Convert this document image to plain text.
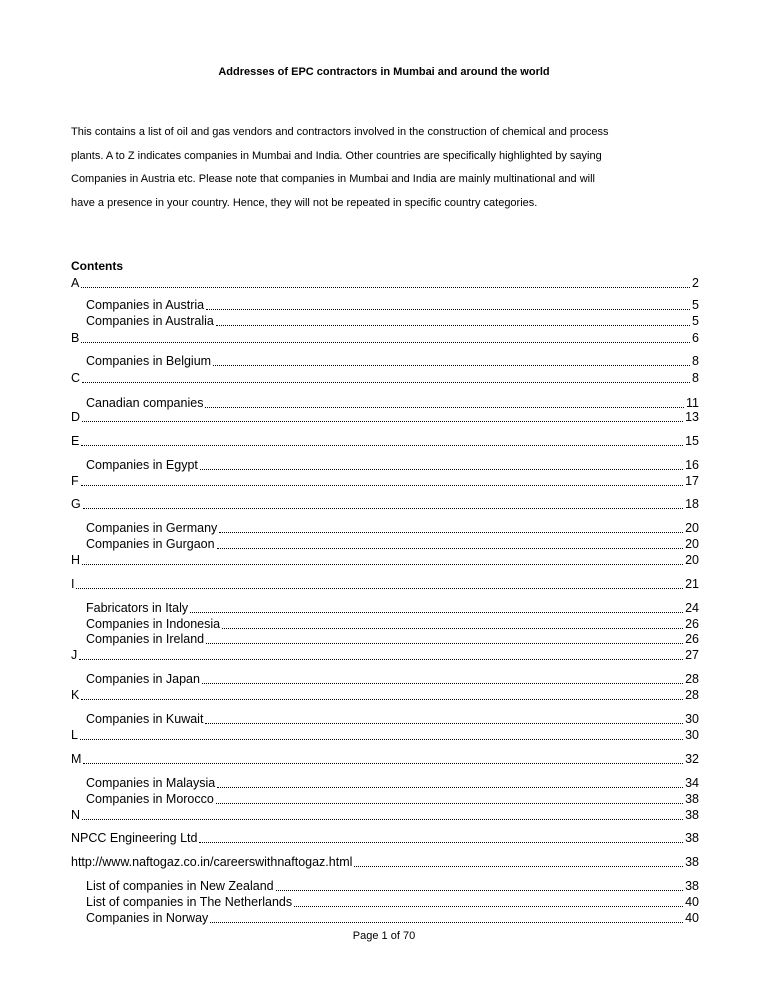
Addresses of EPC contractors in Mumbai and around the world

This contains a list of oil and gas vendors and contractors involved in the construction of chemical and process

plants. A to Z indicates companies in Mumbai and India. Other countries are specifically highlighted by saying

Companies in Austria etc. Please note that companies in Mumbai and India are mainly multinational and will

have a presence in your country. Hence, they will not be repeated in specific country categories.

Contents
A	2
Companies in Austria	5
Companies in Australia	5
B	6
Companies in Belgium	8
C	8
Canadian companies	11
D	13
E	15
Companies in Egypt	16
F	17
G	18
Companies in Germany	20
Companies in Gurgaon	20
H	20
I	21
Fabricators in Italy	24
Companies in Indonesia	26
Companies in Ireland	26
J	27
Companies in Japan	28
K	28
Companies in Kuwait	30
L	30
M	32
Companies in Malaysia	34
Companies in Morocco	38
N	38
NPCC Engineering Ltd	38
http://www.naftogaz.co.in/careerswithnaftogaz.html	38
List of companies in New Zealand	38
List of companies in The Netherlands	40
Companies in Norway	40
Page 1 of 70
